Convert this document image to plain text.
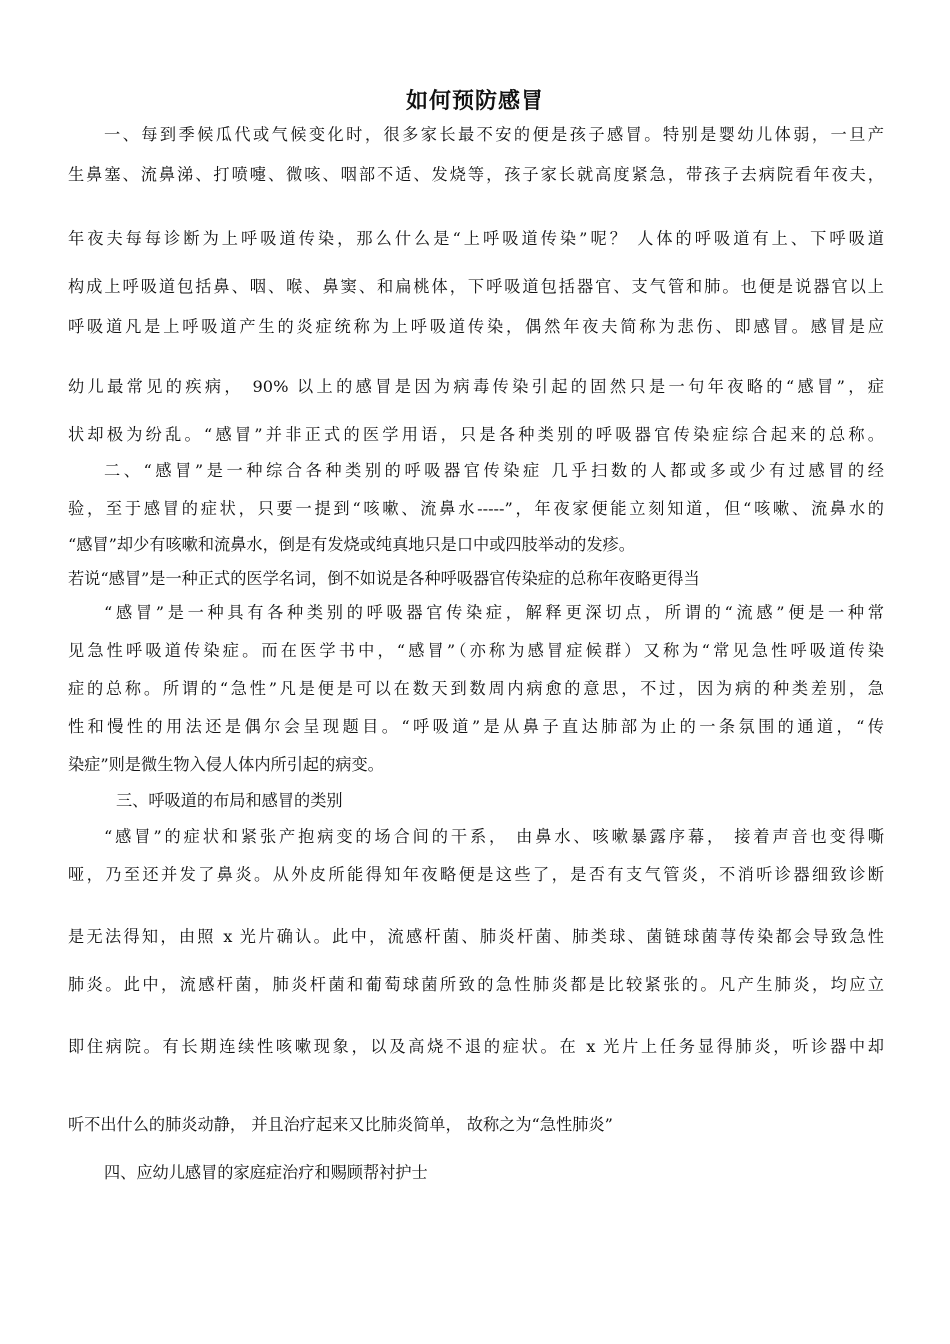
如何预防感冒
一、每到季候瓜代或气候变化时，很多家长最不安的便是孩子感冒。特别是婴幼儿体弱，一旦产
生鼻塞、流鼻涕、打喷嚏、微咳、咽部不适、发烧等，孩子家长就高度紧急，带孩子去病院看年夜夫，
年夜夫每每诊断为上呼吸道传染，那么什么是“上呼吸道传染”呢？ 人体的呼吸道有上、下呼吸道
构成上呼吸道包括鼻、咽、喉、鼻窦、和扁桃体，下呼吸道包括器官、支气管和肺。也便是说器官以上
呼吸道凡是上呼吸道产生的炎症统称为上呼吸道传染，偶然年夜夫简称为悲伤、即感冒。感冒是应
幼儿最常见的疾病， 90% 以上的感冒是因为病毒传染引起的固然只是一句年夜略的“感冒”，症
状却极为纷乱。“感冒”并非正式的医学用语，只是各种类别的呼吸器官传染症综合起来的总称。
二、“感冒”是一种综合各种类别的呼吸器官传染症 几乎扫数的人都或多或少有过感冒的经
验，至于感冒的症状，只要一提到“咳嗽、流鼻水-----”，年夜家便能立刻知道，但“咳嗽、流鼻水的
“感冒”却少有咳嗽和流鼻水，倒是有发烧或纯真地只是口中或四肢举动的发疹。
若说“感冒”是一种正式的医学名词，倒不如说是各种呼吸器官传染症的总称年夜略更得当
“感冒”是一种具有各种类别的呼吸器官传染症，解释更深切点，所谓的“流感”便是一种常
见急性呼吸道传染症。而在医学书中，“感冒”（亦称为感冒症候群）又称为“常见急性呼吸道传染
症的总称。所谓的“急性”凡是便是可以在数天到数周内病愈的意思，不过，因为病的种类差别，急
性和慢性的用法还是偶尔会呈现题目。“呼吸道”是从鼻子直达肺部为止的一条氛围的通道，“传
染症”则是微生物入侵人体内所引起的病变。
三、呼吸道的布局和感冒的类别
“感冒”的症状和紧张产抱病变的场合间的干系， 由鼻水、咳嗽暴露序幕， 接着声音也变得嘶
哑，乃至还并发了鼻炎。从外皮所能得知年夜略便是这些了，是否有支气管炎，不消听诊器细致诊断
是无法得知，由照 x 光片确认。此中，流感杆菌、肺炎杆菌、肺类球、菌链球菌荨传染都会导致急性
肺炎。此中，流感杆菌，肺炎杆菌和葡萄球菌所致的急性肺炎都是比较紧张的。凡产生肺炎，均应立
即住病院。有长期连续性咳嗽现象，以及高烧不退的症状。在 x 光片上任务显得肺炎，听诊器中却
听不出什么的肺炎动静， 并且治疗起来又比肺炎简单， 故称之为“急性肺炎”
四、应幼儿感冒的家庭症治疗和赐顾帮衬护士
